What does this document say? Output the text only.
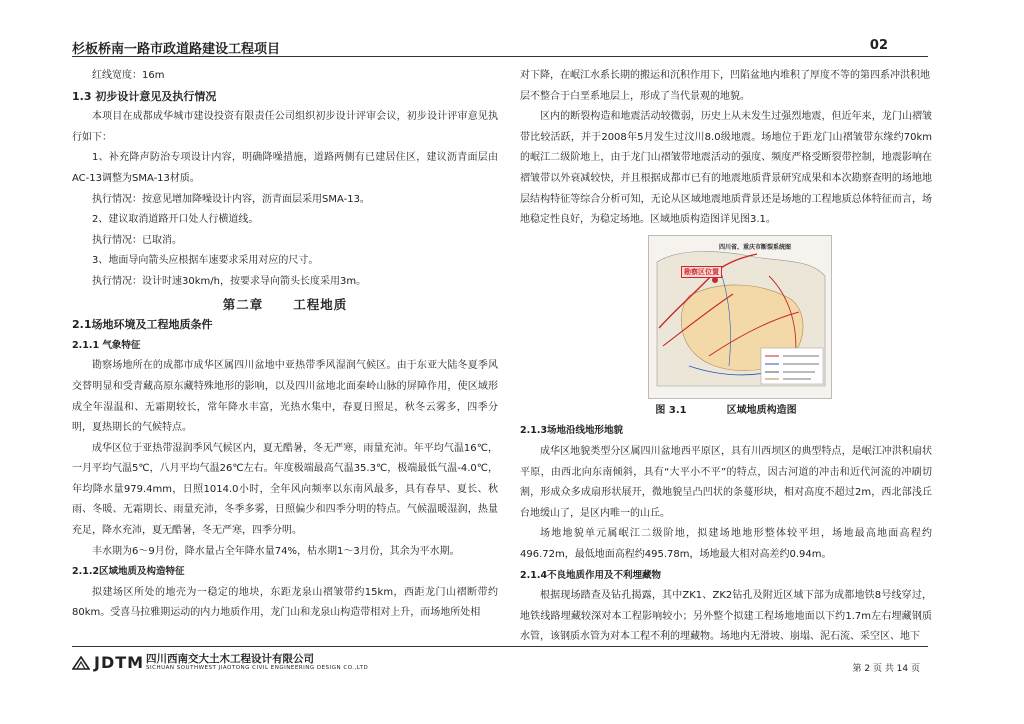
杉板桥南一路市政道路建设工程项目	02

红线宽度：16m

1.3 初步设计意见及执行情况

本项目在成都成华城市建设投资有限责任公司组织初步设计评审会议，初步设计评审意见执行如下：

1、补充降声防治专项设计内容，明确降噪措施，道路两侧有已建居住区，建议沥青面层由AC-13调整为SMA-13材质。

执行情况：按意见增加降噪设计内容，沥青面层采用SMA-13。

2、建议取消道路开口处人行横道线。

执行情况：已取消。

3、地面导向箭头应根据车速要求采用对应的尺寸。

执行情况：设计时速30km/h，按要求导向箭头长度采用3m。

第二章 工程地质

2.1场地环境及工程地质条件

2.1.1 气象特征

勘察场地所在的成都市成华区属四川盆地中亚热带季风湿润气候区。由于东亚大陆冬夏季风交替明显和受青藏高原东藏特殊地形的影响，以及四川盆地北面秦岭山脉的屏障作用，使区域形成全年湿温和、无霜期较长，常年降水丰富，光热水集中，春夏日照足，秋冬云雾多，四季分明，夏热期长的气候特点。

成华区位于亚热带湿润季风气候区内，夏无酷暑，冬无严寒，雨量充沛。年平均气温16℃，一月平均气温5℃，八月平均气温26℃左右。年度极端最高气温35.3℃，极端最低气温-4.0℃，年均降水量979.4mm，日照1014.0小时，全年风向频率以东南风最多，具有春早、夏长、秋雨、冬暖、无霜期长、雨量充沛，冬季多雾，日照偏少和四季分明的特点。气候温暖湿润，热量充足，降水充沛，夏无酷暑，冬无严寒，四季分明。

丰水期为6～9月份，降水量占全年降水量74%，枯水期1～3月份，其余为平水期。

2.1.2区域地质及构造特征

拟建场区所处的地壳为一稳定的地块，东距龙泉山褶皱带约15km，西距龙门山褶断带约80km。受喜马拉雅期运动的内力地质作用，龙门山和龙泉山构造带相对上升，而场地所处相

对下降，在岷江水系长期的搬运和沉积作用下，凹陷盆地内堆积了厚度不等的第四系冲洪积地层不整合于白垩系地层上，形成了当代景观的地貌。

区内的断裂构造和地震活动较微弱，历史上从未发生过强烈地震，但近年来，龙门山褶皱带比较活跃，并于2008年5月发生过汶川8.0级地震。场地位于距龙门山褶皱带东缘约70km的岷江二级阶地上，由于龙门山褶皱带地震活动的强度、频度严格受断裂带控制，地震影响在褶皱带以外衰减较快，并且根据成都市已有的地震地质背景研究成果和本次勘察查明的场地地层结构特征等综合分析可知，无论从区域地震地质背景还是场地的工程地质总体特征而言，场地稳定性良好，为稳定场地。区域地质构造图详见图3.1。

四川省、重庆市断裂系统图
勘察区位置

图 3.1	区域地质构造图

2.1.3场地沿线地形地貌

成华区地貌类型分区属四川盆地西平原区，具有川西坝区的典型特点，是岷江冲洪积扇状平原，由西北向东南倾斜，具有“大平小不平”的特点，因古河道的冲击和近代河流的冲刷切割，形成众多成扇形状展开，微地貌呈凸凹状的条蔓形块，相对高度不超过2m，西北部浅丘台地缓山了，是区内唯一的山丘。

场地地貌单元属岷江二级阶地，拟建场地地形整体较平坦，场地最高地面高程约496.72m，最低地面高程约495.78m，场地最大相对高差约0.94m。

2.1.4不良地质作用及不利埋藏物

根据现场踏查及钻孔揭露，其中ZK1、ZK2钻孔及附近区域下部为成都地铁8号线穿过，地铁线路埋藏较深对本工程影响较小；另外整个拟建工程场地地面以下约1.7m左右埋藏钢质水管，该钢质水管为对本工程不利的埋藏物。场地内无滑坡、崩塌、泥石流、采空区、地下

JDTM 四川西南交大土木工程设计有限公司
SICHUAN SOUTHWEST JIAOTONG CIVIL ENGINEERING DESIGN CO.,LTD	第 2 页 共 14 页
